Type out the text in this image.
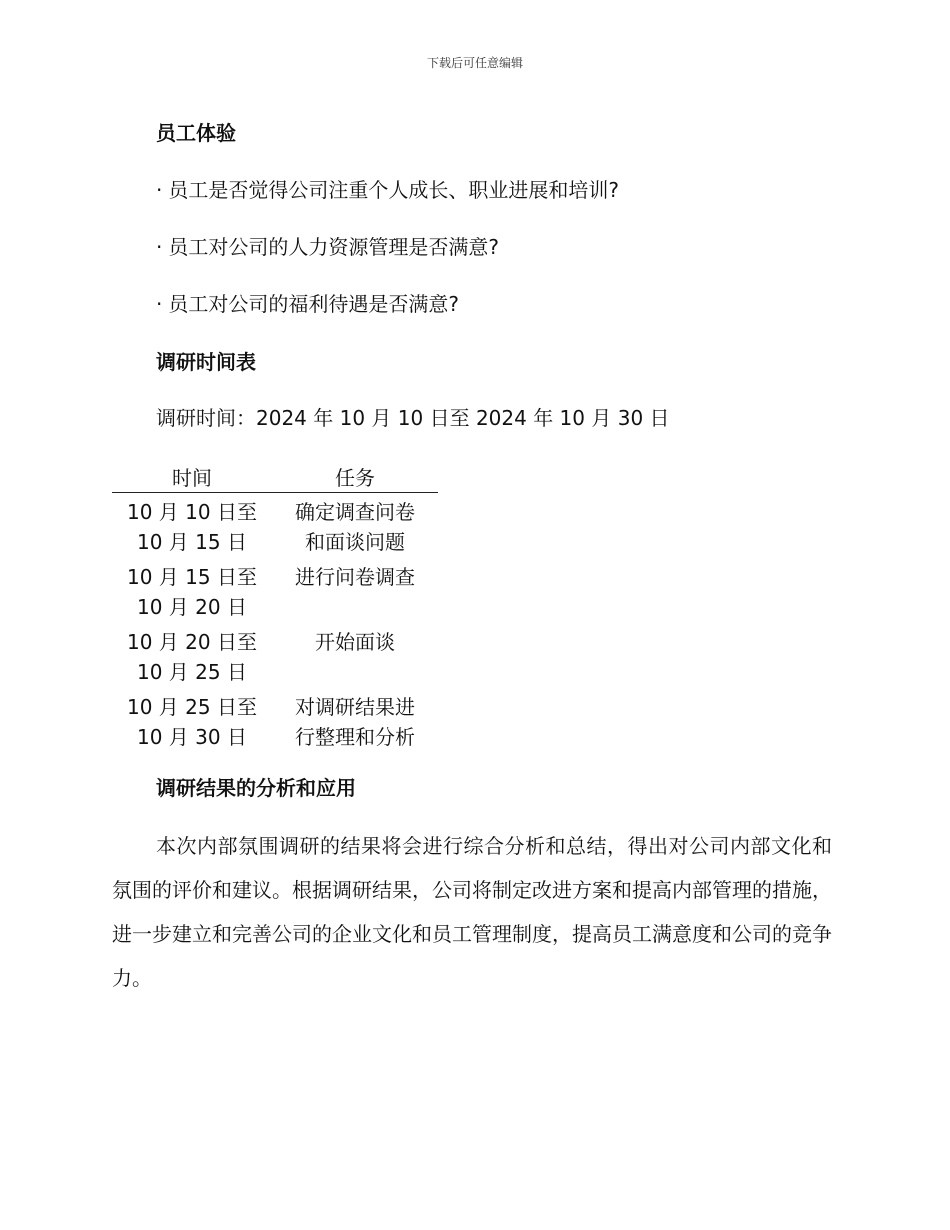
下载后可任意编辑
员工体验
· 员工是否觉得公司注重个人成长、职业进展和培训?
· 员工对公司的人力资源管理是否满意?
· 员工对公司的福利待遇是否满意?
调研时间表
调研时间：2024 年 10 月 10 日至 2024 年 10 月 30 日
时间	任务
10 月 10 日至
10 月 15 日
确定调查问卷
和面谈问题
10 月 15 日至
10 月 20 日
进行问卷调查
10 月 20 日至
10 月 25 日
开始面谈
10 月 25 日至
10 月 30 日
对调研结果进
行整理和分析
调研结果的分析和应用
本次内部氛围调研的结果将会进行综合分析和总结，得出对公司内部文化和氛围的评价和建议。根据调研结果，公司将制定改进方案和提高内部管理的措施，进一步建立和完善公司的企业文化和员工管理制度，提高员工满意度和公司的竞争力。
